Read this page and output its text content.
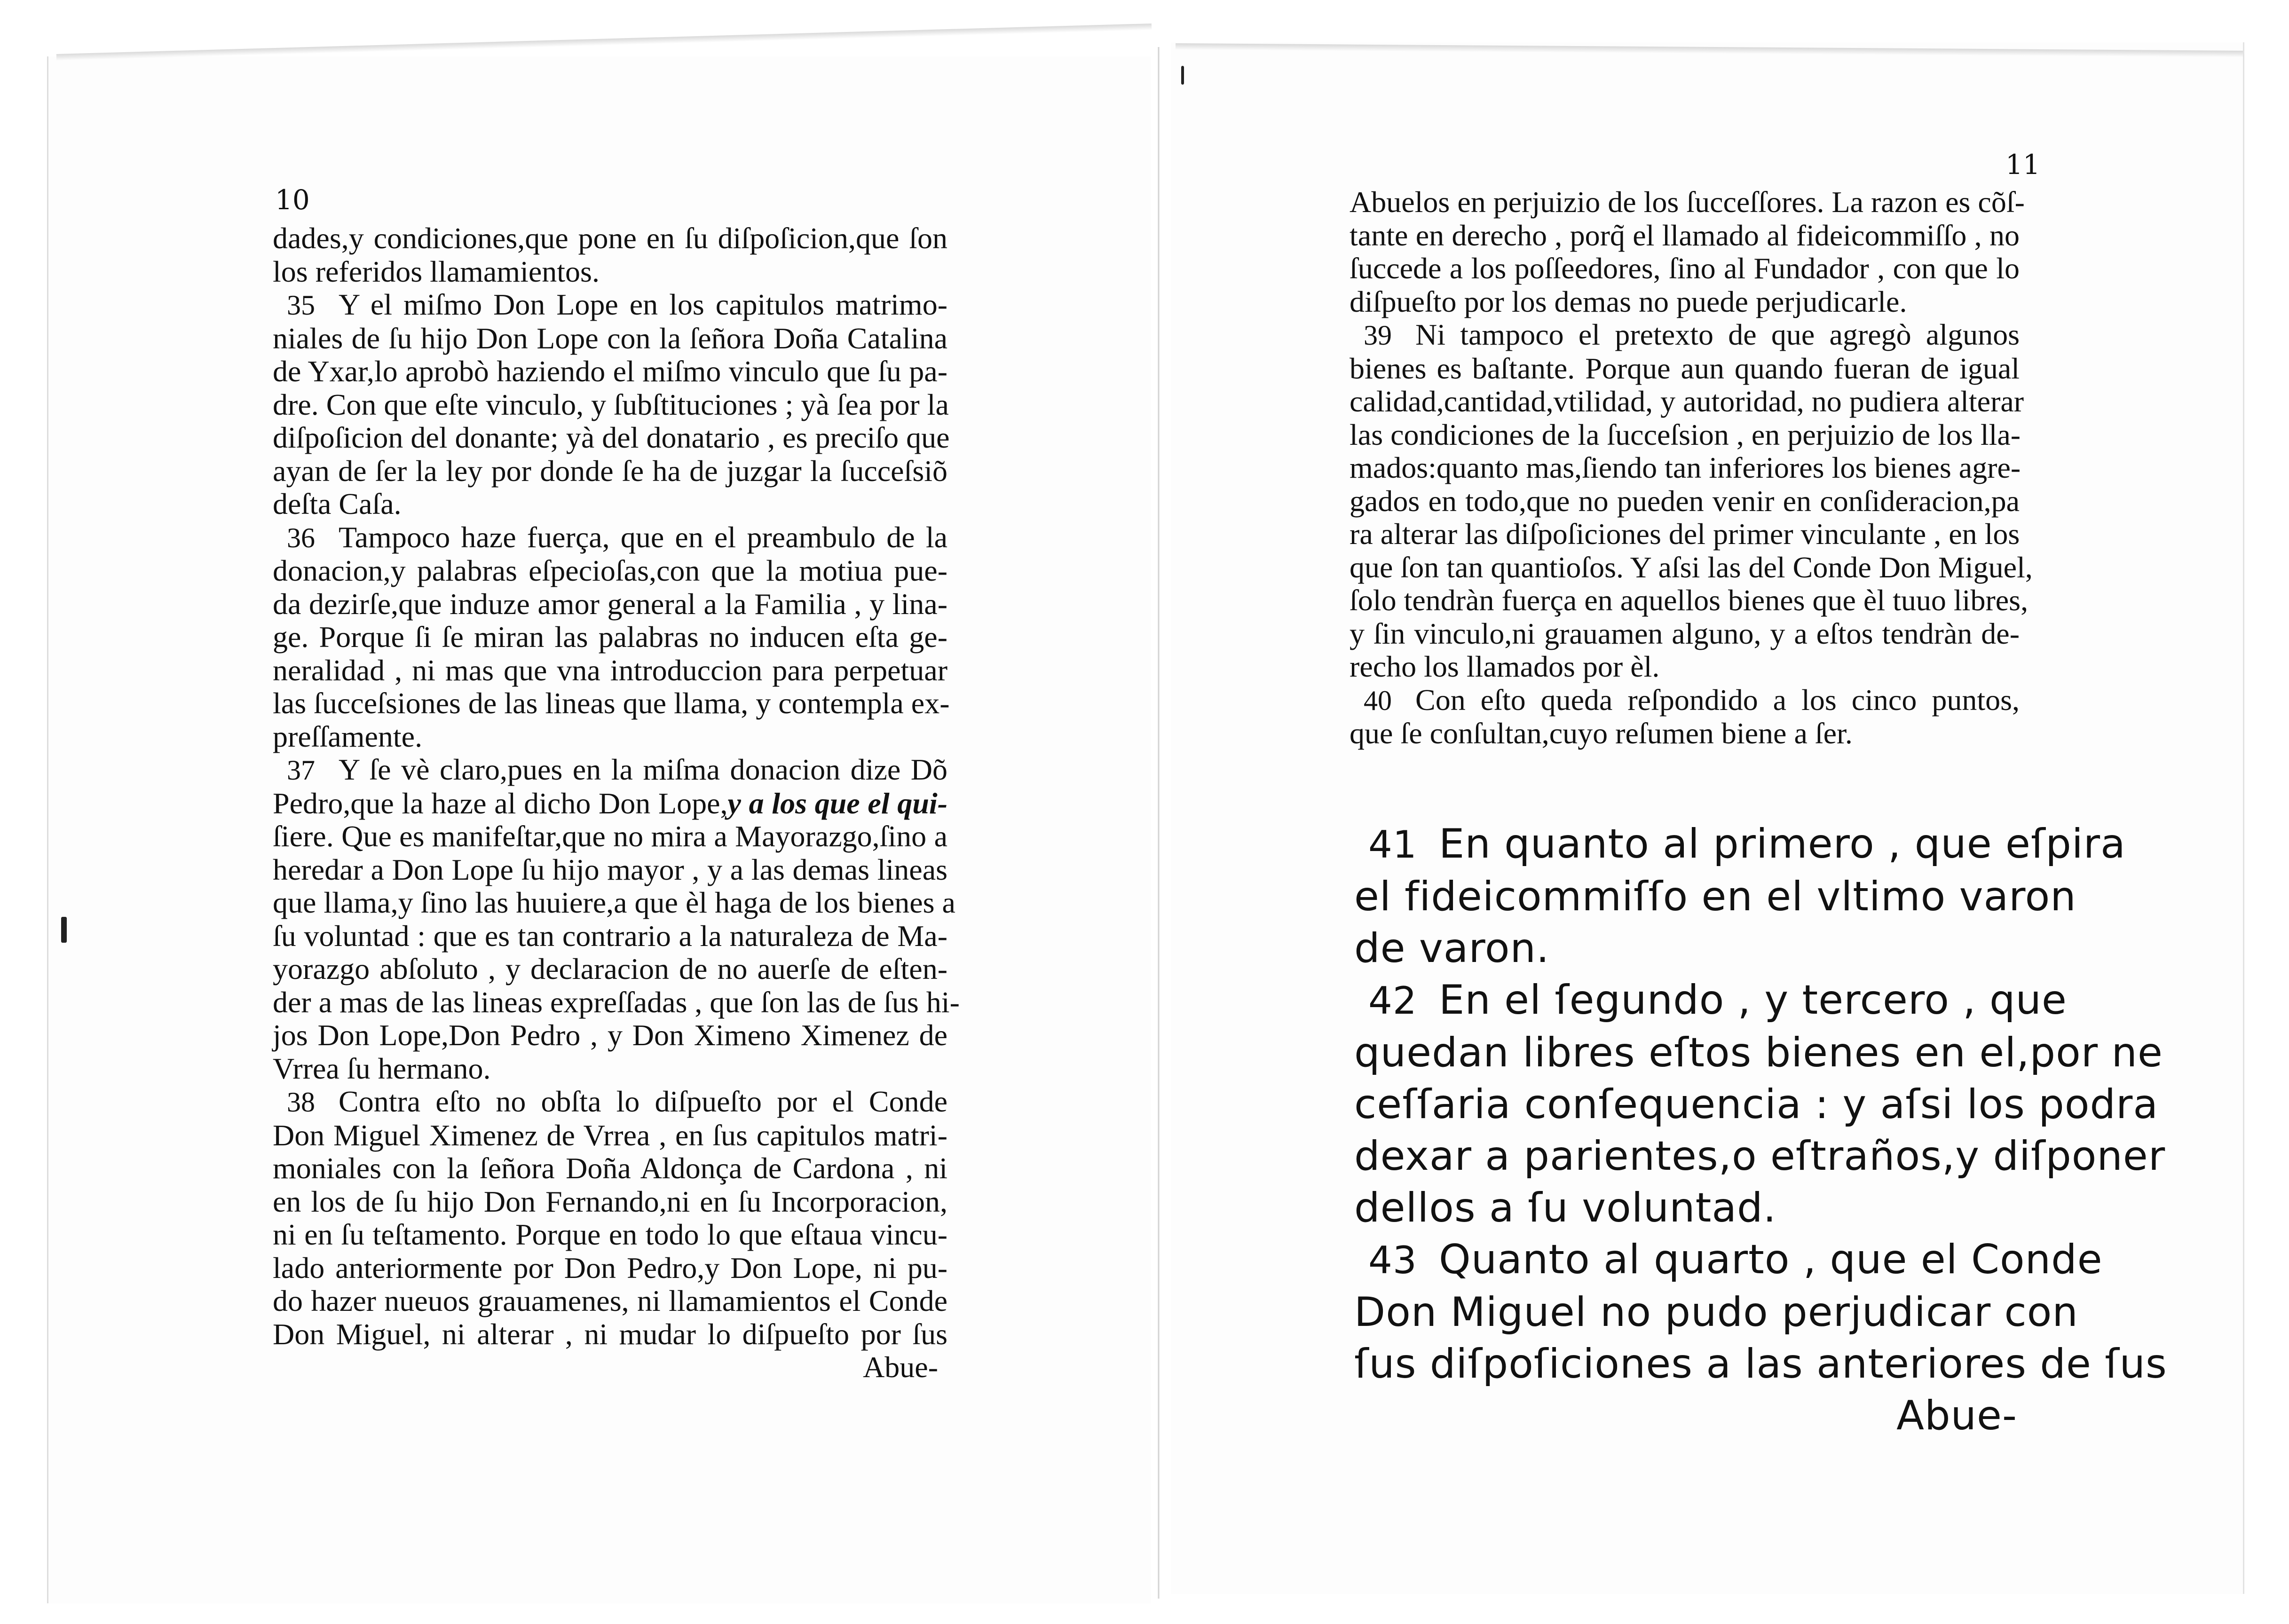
10
dades,y condiciones,que pone en ſu diſpoſicion,que ſon
los referidos llamamientos.
35 Y el miſmo Don Lope en los capitulos matrimo-
niales de ſu hijo Don Lope con la ſeñora Doña Catalina
de Yxar,lo aprobò haziendo el miſmo vinculo que ſu pa-
dre. Con que eſte vinculo, y ſubſtituciones ; yà ſea por la
diſpoſicion del donante; yà del donatario , es preciſo que
ayan de ſer la ley por donde ſe ha de juzgar la ſucceſsiõ
deſta Caſa.
36 Tampoco haze fuerça, que en el preambulo de la
donacion,y palabras eſpecioſas,con que la motiua pue-
da dezirſe,que induze amor general a la Familia , y lina-
ge. Porque ſi ſe miran las palabras no inducen eſta ge-
neralidad , ni mas que vna introduccion para perpetuar
las ſucceſsiones de las lineas que llama, y contempla ex-
preſſamente.
37 Y ſe vè claro,pues en la miſma donacion dize Dõ
Pedro,que la haze al dicho Don Lope,y a los que el qui-
ſiere. Que es manifeſtar,que no mira a Mayorazgo,ſino a
heredar a Don Lope ſu hijo mayor , y a las demas lineas
que llama,y ſino las huuiere,a que èl haga de los bienes a
ſu voluntad : que es tan contrario a la naturaleza de Ma-
yorazgo abſoluto , y declaracion de no auerſe de eſten-
der a mas de las lineas expreſſadas , que ſon las de ſus hi-
jos Don Lope,Don Pedro , y Don Ximeno Ximenez de
Vrrea ſu hermano.
38 Contra eſto no obſta lo diſpueſto por el Conde
Don Miguel Ximenez de Vrrea , en ſus capitulos matri-
moniales con la ſeñora Doña Aldonça de Cardona , ni
en los de ſu hijo Don Fernando,ni en ſu Incorporacion,
ni en ſu teſtamento. Porque en todo lo que eſtaua vincu-
lado anteriormente por Don Pedro,y Don Lope, ni pu-
do hazer nueuos grauamenes, ni llamamientos el Conde
Don Miguel, ni alterar , ni mudar lo diſpueſto por ſus
Abue-
11
Abuelos en perjuizio de los ſucceſſores. La razon es cõſ-
tante en derecho , porq̃ el llamado al fideicommiſſo , no
ſuccede a los poſſeedores, ſino al Fundador , con que lo
diſpueſto por los demas no puede perjudicarle.
39 Ni tampoco el pretexto de que agregò algunos
bienes es baſtante. Porque aun quando fueran de igual
calidad,cantidad,vtilidad, y autoridad, no pudiera alterar
las condiciones de la ſucceſsion , en perjuizio de los lla-
mados:quanto mas,ſiendo tan inferiores los bienes agre-
gados en todo,que no pueden venir en conſideracion,pa
ra alterar las diſpoſiciones del primer vinculante , en los
que ſon tan quantioſos. Y aſsi las del Conde Don Miguel,
ſolo tendràn fuerça en aquellos bienes que èl tuuo libres,
y ſin vinculo,ni grauamen alguno, y a eſtos tendràn de-
recho los llamados por èl.
40 Con eſto queda reſpondido a los cinco puntos,
que ſe conſultan,cuyo reſumen biene a ſer.
41 En quanto al primero , que eſpira
el fideicommiſſo en el vltimo varon
de varon.
42 En el ſegundo , y tercero , que
quedan libres eſtos bienes en el,por ne
ceſſaria conſequencia : y aſsi los podra
dexar a parientes,o eſtraños,y diſponer
dellos a ſu voluntad.
43 Quanto al quarto , que el Conde
Don Miguel no pudo perjudicar con
ſus diſpoſiciones a las anteriores de ſus
Abue-
